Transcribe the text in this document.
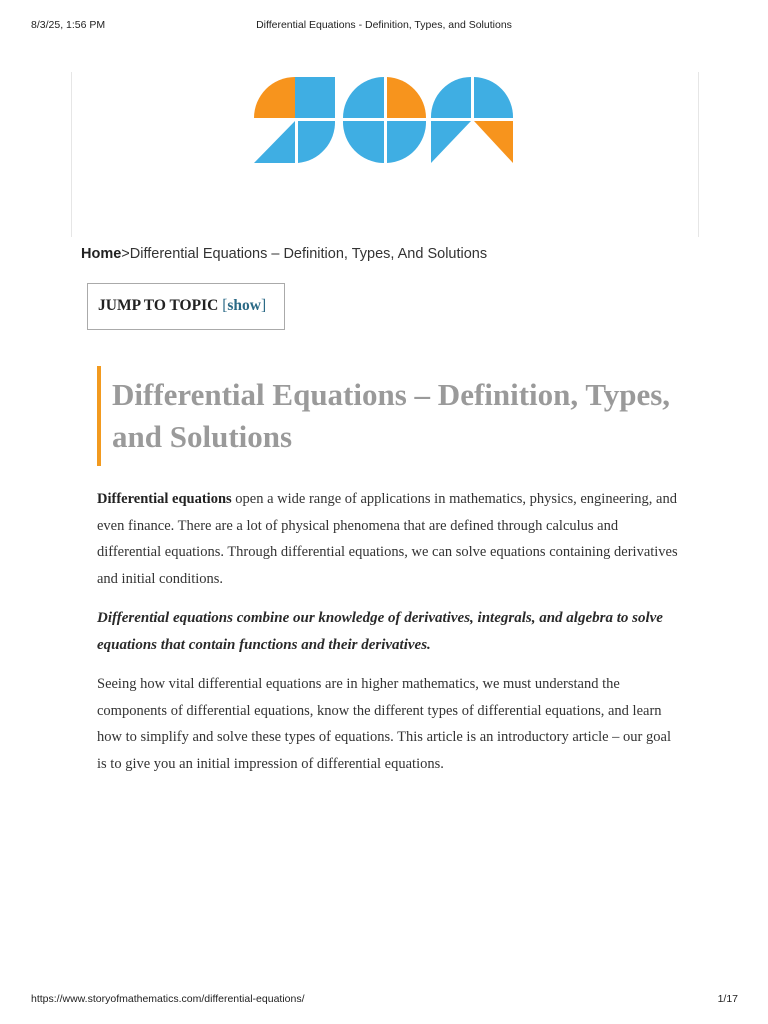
8/3/25, 1:56 PM	Differential Equations - Definition, Types, and Solutions
Home>Differential Equations – Definition, Types, And Solutions
JUMP TO TOPIC [show]
Differential Equations – Definition, Types, and Solutions

Differential equations open a wide range of applications in mathematics, physics, engineering, and even finance. There are a lot of physical phenomena that are defined through calculus and differential equations. Through differential equations, we can solve equations containing derivatives and initial conditions.

Differential equations combine our knowledge of derivatives, integrals, and algebra to solve equations that contain functions and their derivatives.

Seeing how vital differential equations are in higher mathematics, we must understand the components of differential equations, know the different types of differential equations, and learn how to simplify and solve these types of equations. This article is an introductory article – our goal is to give you an initial impression of differential equations.

https://www.storyofmathematics.com/differential-equations/	1/17
